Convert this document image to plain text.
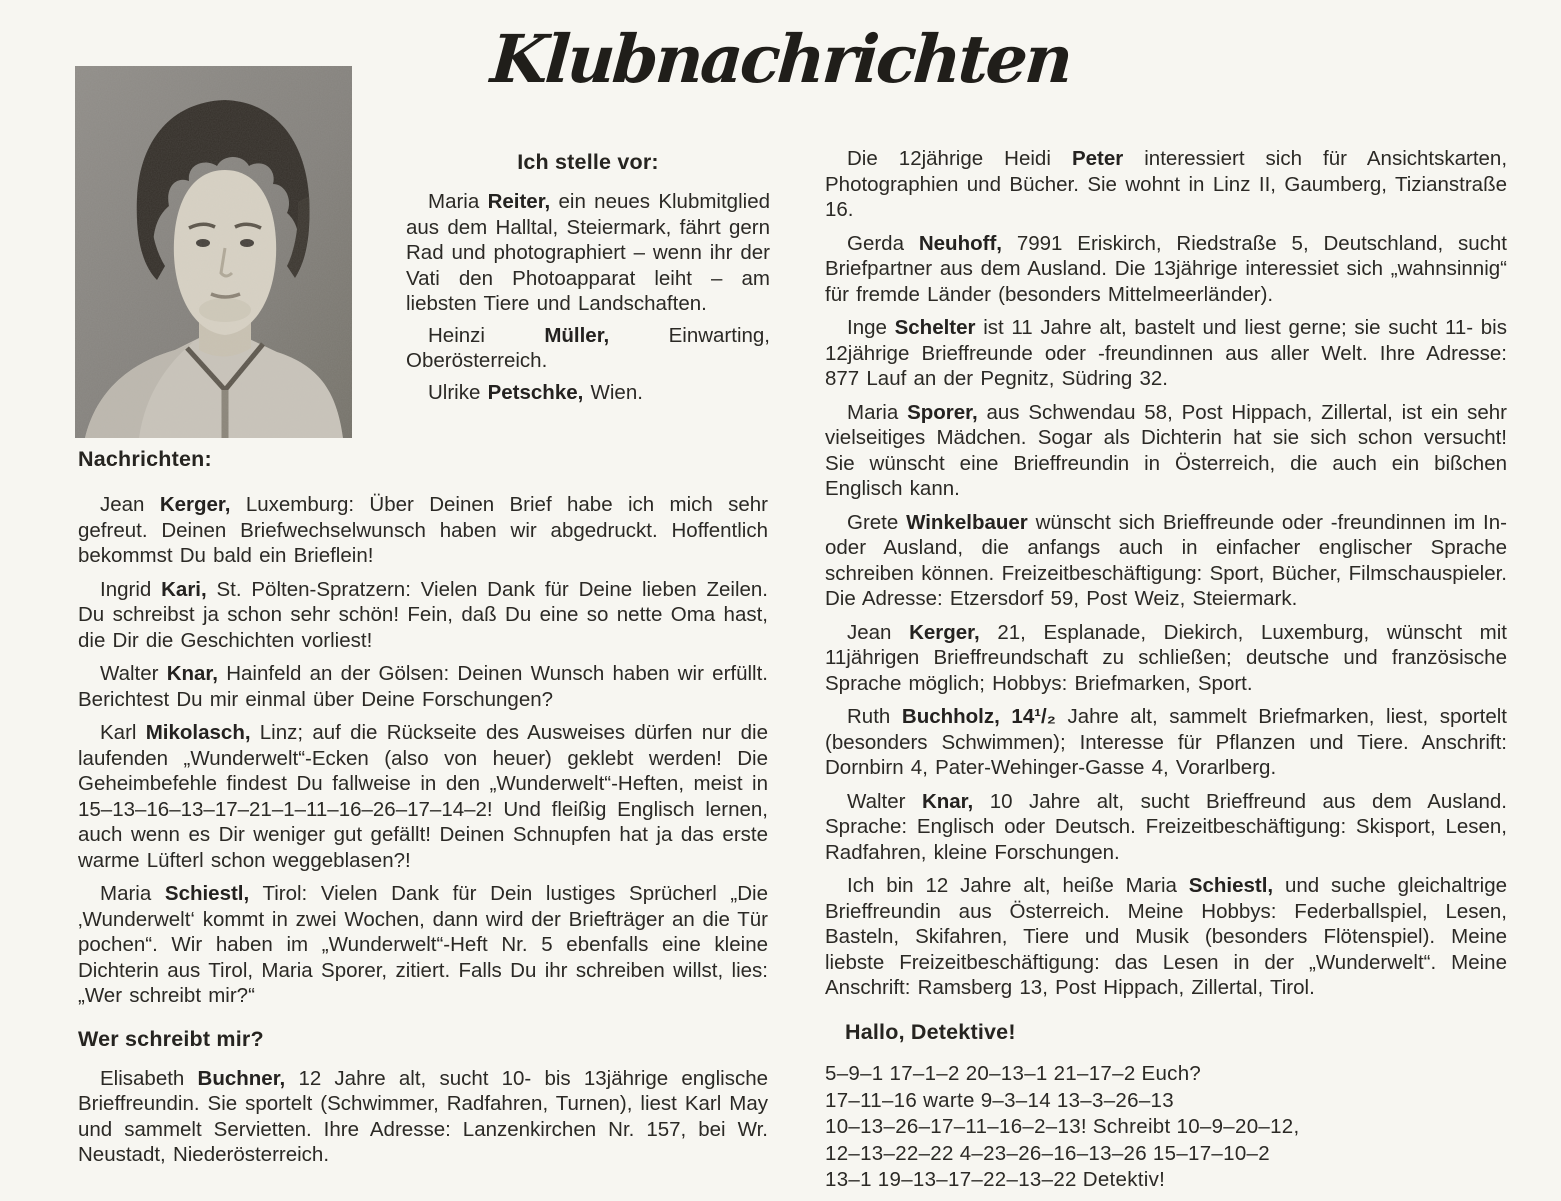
Klubnachrichten
Ich stelle vor:

Maria Reiter, ein neues Klubmitglied aus dem Halltal, Steiermark, fährt gern Rad und photographiert – wenn ihr der Vati den Photoapparat leiht – am liebsten Tiere und Landschaften.

Heinzi Müller, Einwarting, Oberösterreich.

Ulrike Petschke, Wien.

Nachrichten:

Jean Kerger, Luxemburg: Über Deinen Brief habe ich mich sehr gefreut. Deinen Briefwechselwunsch haben wir abgedruckt. Hoffentlich bekommst Du bald ein Brieflein!

Ingrid Kari, St. Pölten-Spratzern: Vielen Dank für Deine lieben Zeilen. Du schreibst ja schon sehr schön! Fein, daß Du eine so nette Oma hast, die Dir die Geschichten vorliest!

Walter Knar, Hainfeld an der Gölsen: Deinen Wunsch haben wir erfüllt. Berichtest Du mir einmal über Deine Forschungen?

Karl Mikolasch, Linz; auf die Rückseite des Ausweises dürfen nur die laufenden „Wunderwelt“-Ecken (also von heuer) geklebt werden! Die Geheimbefehle findest Du fallweise in den „Wunderwelt“-Heften, meist in 15–13–16–13–17–21–1–11–16–26–17–14–2! Und fleißig Englisch lernen, auch wenn es Dir weniger gut gefällt! Deinen Schnupfen hat ja das erste warme Lüfterl schon weggeblasen?!

Maria Schiestl, Tirol: Vielen Dank für Dein lustiges Sprücherl „Die ‚Wunderwelt‘ kommt in zwei Wochen, dann wird der Briefträger an die Tür pochen“. Wir haben im „Wunderwelt“-Heft Nr. 5 ebenfalls eine kleine Dichterin aus Tirol, Maria Sporer, zitiert. Falls Du ihr schreiben willst, lies: „Wer schreibt mir?“

Wer schreibt mir?

Elisabeth Buchner, 12 Jahre alt, sucht 10- bis 13jährige englische Brieffreundin. Sie sportelt (Schwimmer, Radfahren, Turnen), liest Karl May und sammelt Servietten. Ihre Adresse: Lanzenkirchen Nr. 157, bei Wr. Neustadt, Niederösterreich.

Die 12jährige Heidi Peter interessiert sich für Ansichtskarten, Photographien und Bücher. Sie wohnt in Linz II, Gaumberg, Tizianstraße 16.

Gerda Neuhoff, 7991 Eriskirch, Riedstraße 5, Deutschland, sucht Briefpartner aus dem Ausland. Die 13jährige interessiet sich „wahnsinnig“ für fremde Länder (besonders Mittelmeerländer).

Inge Schelter ist 11 Jahre alt, bastelt und liest gerne; sie sucht 11- bis 12jährige Brieffreunde oder -freundinnen aus aller Welt. Ihre Adresse: 877 Lauf an der Pegnitz, Südring 32.

Maria Sporer, aus Schwendau 58, Post Hippach, Zillertal, ist ein sehr vielseitiges Mädchen. Sogar als Dichterin hat sie sich schon versucht! Sie wünscht eine Brieffreundin in Österreich, die auch ein bißchen Englisch kann.

Grete Winkelbauer wünscht sich Brieffreunde oder -freundinnen im In- oder Ausland, die anfangs auch in einfacher englischer Sprache schreiben können. Freizeitbeschäftigung: Sport, Bücher, Filmschauspieler. Die Adresse: Etzersdorf 59, Post Weiz, Steiermark.

Jean Kerger, 21, Esplanade, Diekirch, Luxemburg, wünscht mit 11jährigen Brieffreundschaft zu schließen; deutsche und französische Sprache möglich; Hobbys: Briefmarken, Sport.

Ruth Buchholz, 14¹/₂ Jahre alt, sammelt Briefmarken, liest, sportelt (besonders Schwimmen); Interesse für Pflanzen und Tiere. Anschrift: Dornbirn 4, Pater-Wehinger-Gasse 4, Vorarlberg.

Walter Knar, 10 Jahre alt, sucht Brieffreund aus dem Ausland. Sprache: Englisch oder Deutsch. Freizeitbeschäftigung: Skisport, Lesen, Radfahren, kleine Forschungen.

Ich bin 12 Jahre alt, heiße Maria Schiestl, und suche gleichaltrige Brieffreundin aus Österreich. Meine Hobbys: Federballspiel, Lesen, Basteln, Skifahren, Tiere und Musik (besonders Flötenspiel). Meine liebste Freizeitbeschäftigung: das Lesen in der „Wunderwelt“. Meine Anschrift: Ramsberg 13, Post Hippach, Zillertal, Tirol.

Hallo, Detektive!
5–9–1 17–1–2 20–13–1 21–17–2 Euch?
17–11–16 warte 9–3–14 13–3–26–13
10–13–26–17–11–16–2–13! Schreibt 10–9–20–12,
12–13–22–22 4–23–26–16–13–26 15–17–10–2
13–1 19–13–17–22–13–22 Detektiv!
